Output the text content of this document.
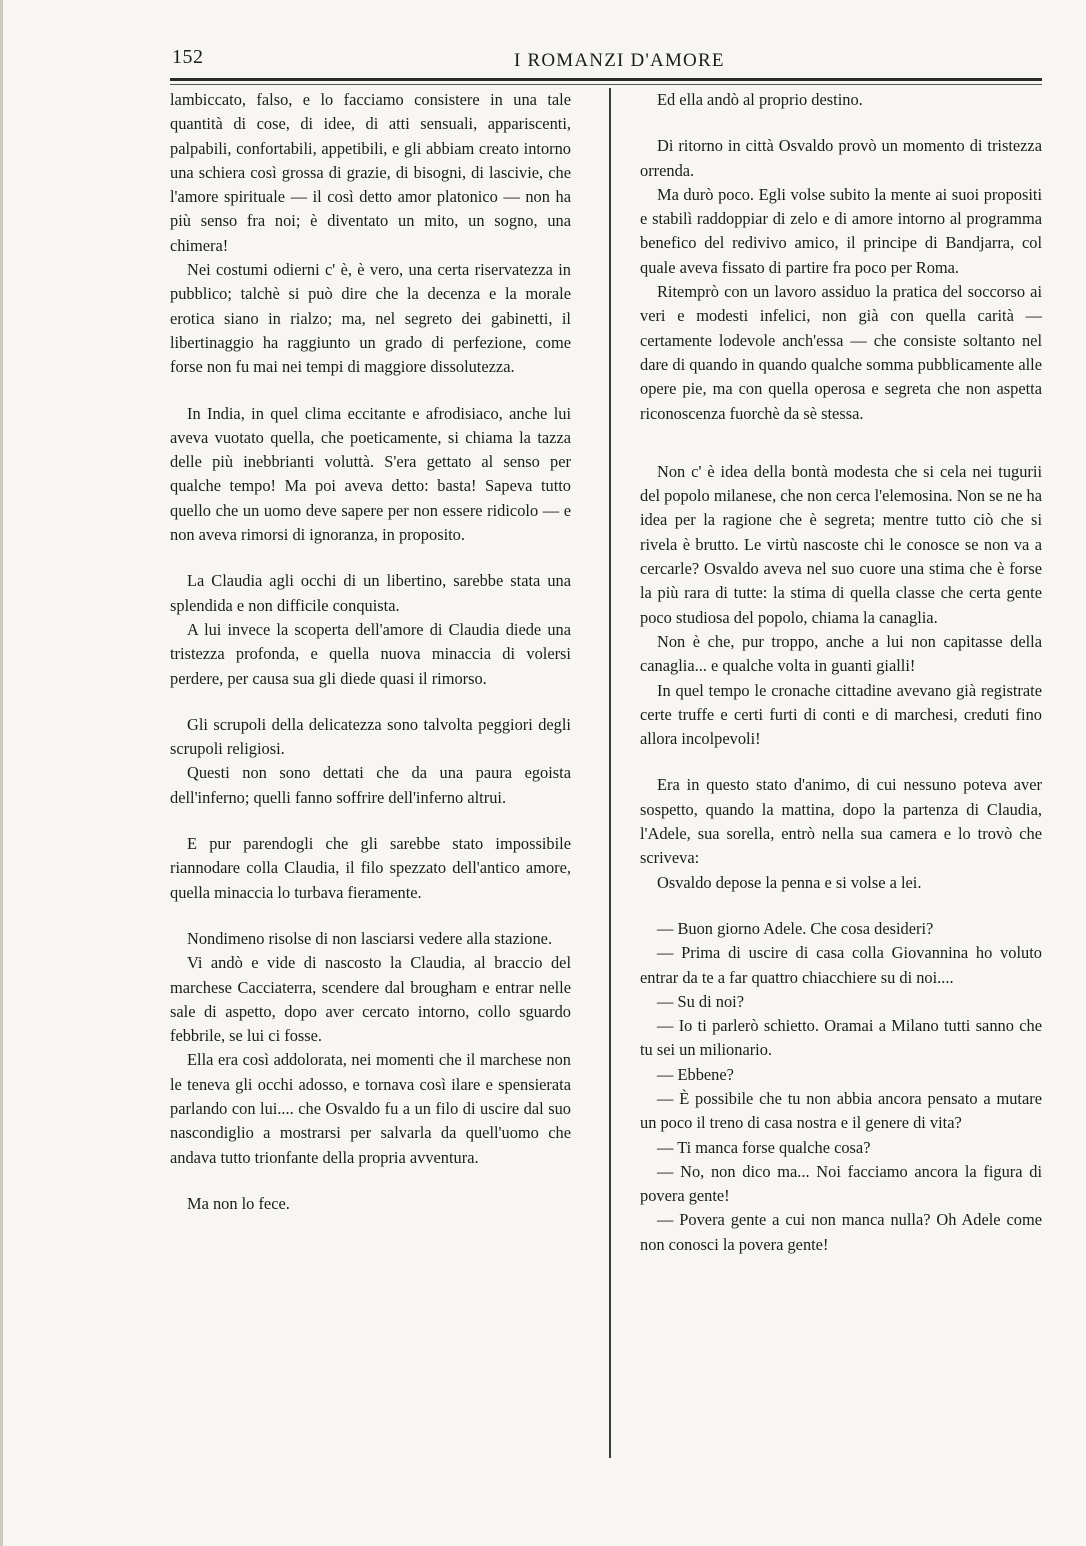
152	I ROMANZI D'AMORE

lambiccato, falso, e lo facciamo consistere in una tale quantità di cose, di idee, di atti sensuali, appariscenti, palpabili, confortabili, appetibili, e gli abbiam creato intorno una schiera così grossa di grazie, di bisogni, di lascivie, che l'amore spirituale — il così detto amor platonico — non ha più senso fra noi; è diventato un mito, un sogno, una chimera!

Nei costumi odierni c' è, è vero, una certa riservatezza in pubblico; talchè si può dire che la decenza e la morale erotica siano in rialzo; ma, nel segreto dei gabinetti, il libertinaggio ha raggiunto un grado di perfezione, come forse non fu mai nei tempi di maggiore dissolutezza.

In India, in quel clima eccitante e afrodisiaco, anche lui aveva vuotato quella, che poeticamente, si chiama la tazza delle più inebbrianti voluttà. S'era gettato al senso per qualche tempo! Ma poi aveva detto: basta! Sapeva tutto quello che un uomo deve sapere per non essere ridicolo — e non aveva rimorsi di ignoranza, in proposito.

La Claudia agli occhi di un libertino, sarebbe stata una splendida e non difficile conquista.

A lui invece la scoperta dell'amore di Claudia diede una tristezza profonda, e quella nuova minaccia di volersi perdere, per causa sua gli diede quasi il rimorso.

Gli scrupoli della delicatezza sono talvolta peggiori degli scrupoli religiosi.

Questi non sono dettati che da una paura egoista dell'inferno; quelli fanno soffrire dell'inferno altrui.

E pur parendogli che gli sarebbe stato impossibile riannodare colla Claudia, il filo spezzato dell'antico amore, quella minaccia lo turbava fieramente.

Nondimeno risolse di non lasciarsi vedere alla stazione.

Vi andò e vide di nascosto la Claudia, al braccio del marchese Cacciaterra, scendere dal brougham e entrar nelle sale di aspetto, dopo aver cercato intorno, collo sguardo febbrile, se lui ci fosse.

Ella era così addolorata, nei momenti che il marchese non le teneva gli occhi adosso, e tornava così ilare e spensierata parlando con lui.... che Osvaldo fu a un filo di uscire dal suo nascondiglio a mostrarsi per salvarla da quell'uomo che andava tutto trionfante della propria avventura.

Ma non lo fece.

Ed ella andò al proprio destino.

Di ritorno in città Osvaldo provò un momento di tristezza orrenda.

Ma durò poco. Egli volse subito la mente ai suoi propositi e stabilì raddoppiar di zelo e di amore intorno al programma benefico del redivivo amico, il principe di Bandjarra, col quale aveva fissato di partire fra poco per Roma.

Ritemprò con un lavoro assiduo la pratica del soccorso ai veri e modesti infelici, non già con quella carità — certamente lodevole anch'essa — che consiste soltanto nel dare di quando in quando qualche somma pubblicamente alle opere pie, ma con quella operosa e segreta che non aspetta riconoscenza fuorchè da sè stessa.

Non c' è idea della bontà modesta che si cela nei tugurii del popolo milanese, che non cerca l'elemosina. Non se ne ha idea per la ragione che è segreta; mentre tutto ciò che si rivela è brutto. Le virtù nascoste chi le conosce se non va a cercarle? Osvaldo aveva nel suo cuore una stima che è forse la più rara di tutte: la stima di quella classe che certa gente poco studiosa del popolo, chiama la canaglia.

Non è che, pur troppo, anche a lui non capitasse della canaglia... e qualche volta in guanti gialli!

In quel tempo le cronache cittadine avevano già registrate certe truffe e certi furti di conti e di marchesi, creduti fino allora incolpevoli!

Era in questo stato d'animo, di cui nessuno poteva aver sospetto, quando la mattina, dopo la partenza di Claudia, l'Adele, sua sorella, entrò nella sua camera e lo trovò che scriveva:

Osvaldo depose la penna e si volse a lei.

— Buon giorno Adele. Che cosa desideri?

— Prima di uscire di casa colla Giovannina ho voluto entrar da te a far quattro chiacchiere su di noi....

— Su di noi?

— Io ti parlerò schietto. Oramai a Milano tutti sanno che tu sei un milionario.

— Ebbene?

— È possibile che tu non abbia ancora pensato a mutare un poco il treno di casa nostra e il genere di vita?

— Ti manca forse qualche cosa?

— No, non dico ma... Noi facciamo ancora la figura di povera gente!

— Povera gente a cui non manca nulla? Oh Adele come non conosci la povera gente!
